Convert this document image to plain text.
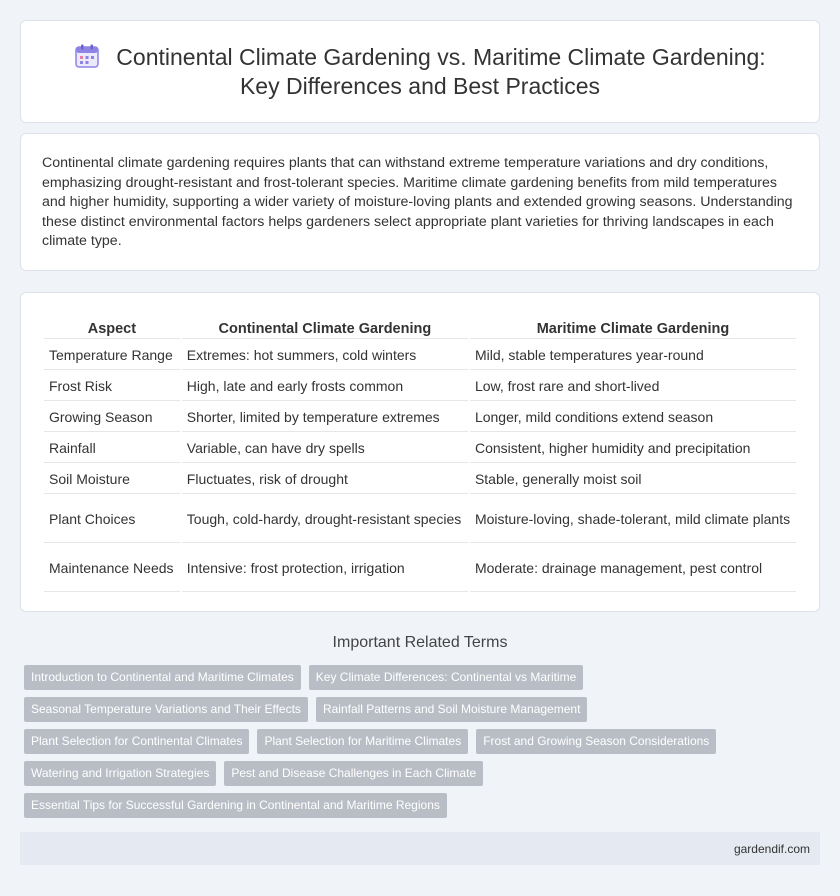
Continental Climate Gardening vs. Maritime Climate Gardening:
Key Differences and Best Practices

Continental climate gardening requires plants that can withstand extreme temperature variations and dry conditions, emphasizing drought-resistant and frost-tolerant species. Maritime climate gardening benefits from mild temperatures and higher humidity, supporting a wider variety of moisture-loving plants and extended growing seasons. Understanding these distinct environmental factors helps gardeners select appropriate plant varieties for thriving landscapes in each climate type.

Aspect	Continental Climate Gardening	Maritime Climate Gardening
Temperature Range	Extremes: hot summers, cold winters	Mild, stable temperatures year-round
Frost Risk	High, late and early frosts common	Low, frost rare and short-lived
Growing Season	Shorter, limited by temperature extremes	Longer, mild conditions extend season
Rainfall	Variable, can have dry spells	Consistent, higher humidity and precipitation
Soil Moisture	Fluctuates, risk of drought	Stable, generally moist soil
Plant Choices	Tough, cold-hardy, drought-resistant species	Moisture-loving, shade-tolerant, mild climate plants
Maintenance Needs	Intensive: frost protection, irrigation	Moderate: drainage management, pest control
Important Related Terms
Introduction to Continental and Maritime Climates	Key Climate Differences: Continental vs Maritime
Seasonal Temperature Variations and Their Effects	Rainfall Patterns and Soil Moisture Management
Plant Selection for Continental Climates	Plant Selection for Maritime Climates	Frost and Growing Season Considerations
Watering and Irrigation Strategies	Pest and Disease Challenges in Each Climate
Essential Tips for Successful Gardening in Continental and Maritime Regions
gardendif.com
